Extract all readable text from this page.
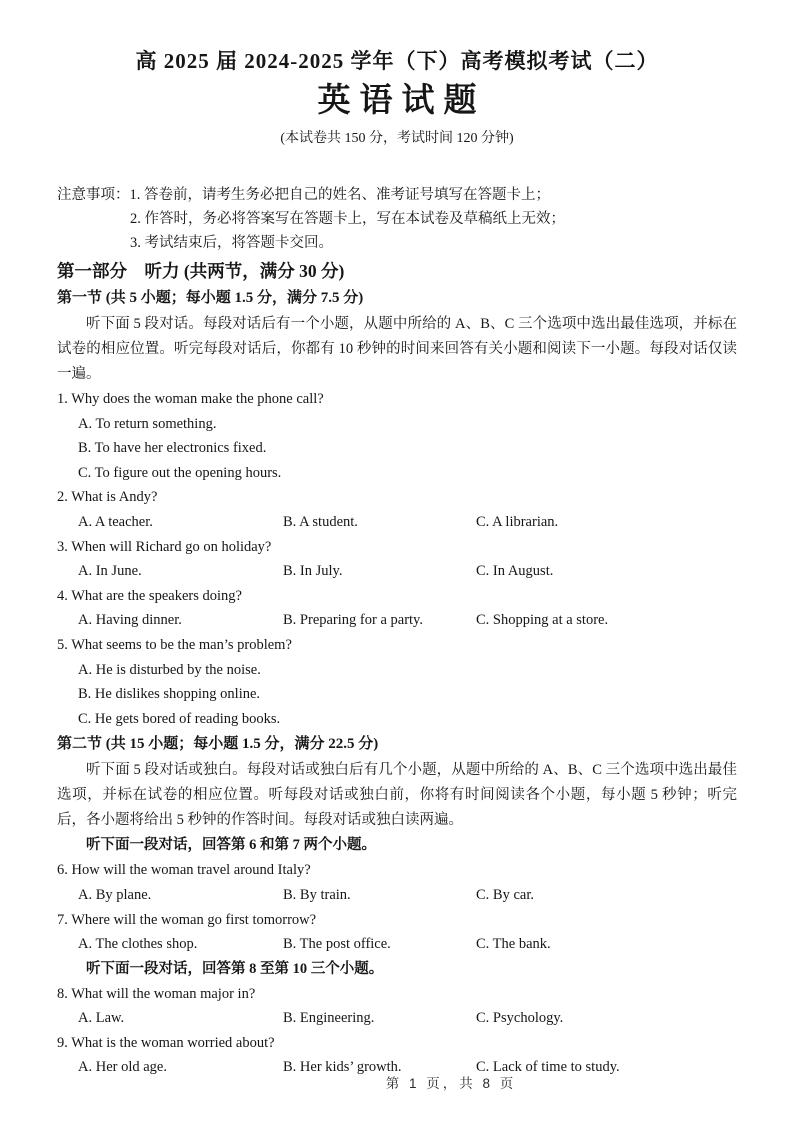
高 2025 届 2024-2025 学年（下）高考模拟考试（二）
英语试题
(本试卷共 150 分，考试时间 120 分钟)
注意事项：1. 答卷前，请考生务必把自己的姓名、准考证号填写在答题卡上；
2. 作答时，务必将答案写在答题卡上，写在本试卷及草稿纸上无效；
3. 考试结束后，将答题卡交回。
第一部分　听力 (共两节，满分 30 分)
第一节 (共 5 小题；每小题 1.5 分，满分 7.5 分)
听下面 5 段对话。每段对话后有一个小题，从题中所给的 A、B、C 三个选项中选出最佳选项，并标在试卷的相应位置。听完每段对话后，你都有 10 秒钟的时间来回答有关小题和阅读下一小题。每段对话仅读一遍。
1. Why does the woman make the phone call?
A. To return something.
B. To have her electronics fixed.
C. To figure out the opening hours.
2. What is Andy?
A. A teacher.	B. A student.	C. A librarian.
3. When will Richard go on holiday?
A. In June.	B. In July.	C. In August.
4. What are the speakers doing?
A. Having dinner.	B. Preparing for a party.	C. Shopping at a store.
5. What seems to be the man’s problem?
A. He is disturbed by the noise.
B. He dislikes shopping online.
C. He gets bored of reading books.
第二节 (共 15 小题；每小题 1.5 分，满分 22.5 分)
听下面 5 段对话或独白。每段对话或独白后有几个小题，从题中所给的 A、B、C 三个选项中选出最佳选项，并标在试卷的相应位置。听每段对话或独白前，你将有时间阅读各个小题，每小题 5 秒钟；听完后，各小题将给出 5 秒钟的作答时间。每段对话或独白读两遍。
听下面一段对话，回答第 6 和第 7 两个小题。
6. How will the woman travel around Italy?
A. By plane.	B. By train.	C. By car.
7. Where will the woman go first tomorrow?
A. The clothes shop.	B. The post office.	C. The bank.
听下面一段对话，回答第 8 至第 10 三个小题。
8. What will the woman major in?
A. Law.	B. Engineering.	C. Psychology.
9. What is the woman worried about?
A. Her old age.	B. Her kids’ growth.	C. Lack of time to study.
第 1 页，共 8 页
